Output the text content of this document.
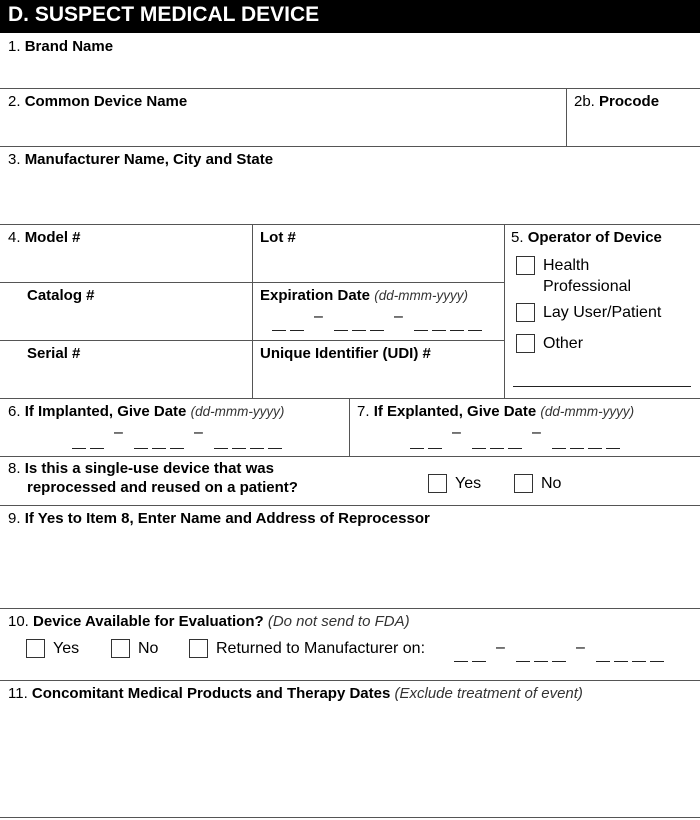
D. SUSPECT MEDICAL DEVICE
1. Brand Name
2. Common Device Name	2b. Procode
3. Manufacturer Name, City and State
4. Model #	Lot #
Catalog #	Expiration Date (dd-mmm-yyyy)
–	–
Serial #	Unique Identifier (UDI) #
5. Operator of Device
Health
Professional
Lay User/Patient
Other
6. If Implanted, Give Date (dd-mmm-yyyy)
–	–
7. If Explanted, Give Date (dd-mmm-yyyy)
–	–
8. Is this a single-use device that was
reprocessed and reused on a patient?	Yes	No
9. If Yes to Item 8, Enter Name and Address of Reprocessor
10. Device Available for Evaluation? (Do not send to FDA)
Yes	No	Returned to Manufacturer on:	–	–
11. Concomitant Medical Products and Therapy Dates (Exclude treatment of event)
